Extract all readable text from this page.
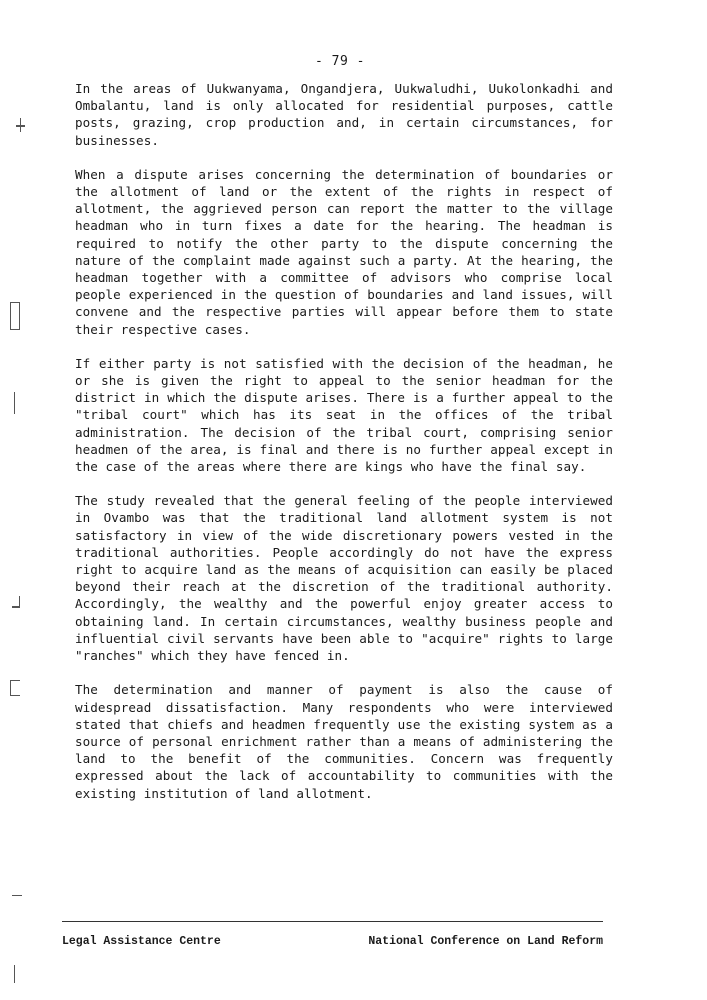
- 79 -

In the areas of Uukwanyama, Ongandjera, Uukwaludhi, Uukolonkadhi and Ombalantu, land is only allocated for residential purposes, cattle posts, grazing, crop production and, in certain circumstances, for businesses.

When a dispute arises concerning the determination of boundaries or the allotment of land or the extent of the rights in respect of allotment, the aggrieved person can report the matter to the village headman who in turn fixes a date for the hearing. The headman is required to notify the other party to the dispute concerning the nature of the complaint made against such a party. At the hearing, the headman together with a committee of advisors who comprise local people experienced in the question of boundaries and land issues, will convene and the respective parties will appear before them to state their respective cases.

If either party is not satisfied with the decision of the headman, he or she is given the right to appeal to the senior headman for the district in which the dispute arises. There is a further appeal to the "tribal court" which has its seat in the offices of the tribal administration. The decision of the tribal court, comprising senior headmen of the area, is final and there is no further appeal except in the case of the areas where there are kings who have the final say.

The study revealed that the general feeling of the people interviewed in Ovambo was that the traditional land allotment system is not satisfactory in view of the wide discretionary powers vested in the traditional authorities. People accordingly do not have the express right to acquire land as the means of acquisition can easily be placed beyond their reach at the discretion of the traditional authority. Accordingly, the wealthy and the powerful enjoy greater access to obtaining land. In certain circumstances, wealthy business people and influential civil servants have been able to "acquire" rights to large "ranches" which they have fenced in.

The determination and manner of payment is also the cause of widespread dissatisfaction. Many respondents who were interviewed stated that chiefs and headmen frequently use the existing system as a source of personal enrichment rather than a means of administering the land to the benefit of the communities. Concern was frequently expressed about the lack of accountability to communities with the existing institution of land allotment.

Legal Assistance Centre	National Conference on Land Reform
